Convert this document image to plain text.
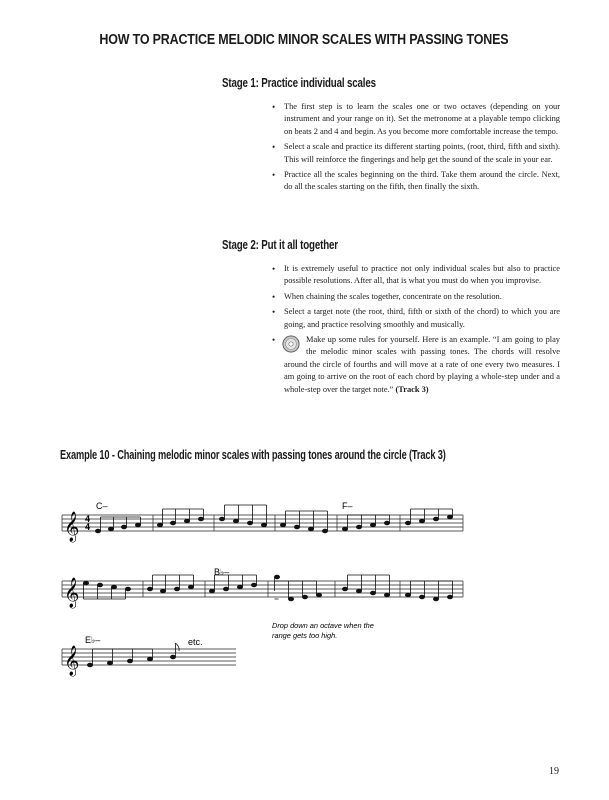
HOW TO PRACTICE MELODIC MINOR SCALES WITH PASSING TONES
Stage 1: Practice individual scales
• The first step is to learn the scales one or two octaves (depending on your instrument and your range on it). Set the metronome at a playable tempo clicking on beats 2 and 4 and begin. As you become more comfortable increase the tempo.
• Select a scale and practice its different starting points, (root, third, fifth and sixth). This will reinforce the fingerings and help get the sound of the scale in your ear.
• Practice all the scales beginning on the third. Take them around the circle. Next, do all the scales starting on the fifth, then finally the sixth.
Stage 2: Put it all together
• It is extremely useful to practice not only individual scales but also to practice possible resolutions. After all, that is what you must do when you improvise.
• When chaining the scales together, concentrate on the resolution.
• Select a target note (the root, third, fifth or sixth of the chord) to which you are going, and practice resolving smoothly and musically.
• Make up some rules for yourself. Here is an example. “I am going to play the melodic minor scales with passing tones. The chords will resolve around the circle of fourths and will move at a rate of one every two measures. I am going to arrive on the root of each chord by playing a whole-step under and a whole-step over the target note.” (Track 3)
Example 10 - Chaining melodic minor scales with passing tones around the circle (Track 3)
𝄞 4
4
C–	F–
𝄞
B♭–
Drop down an octave when the
range gets too high.
𝄞
E♭–	etc.

19
